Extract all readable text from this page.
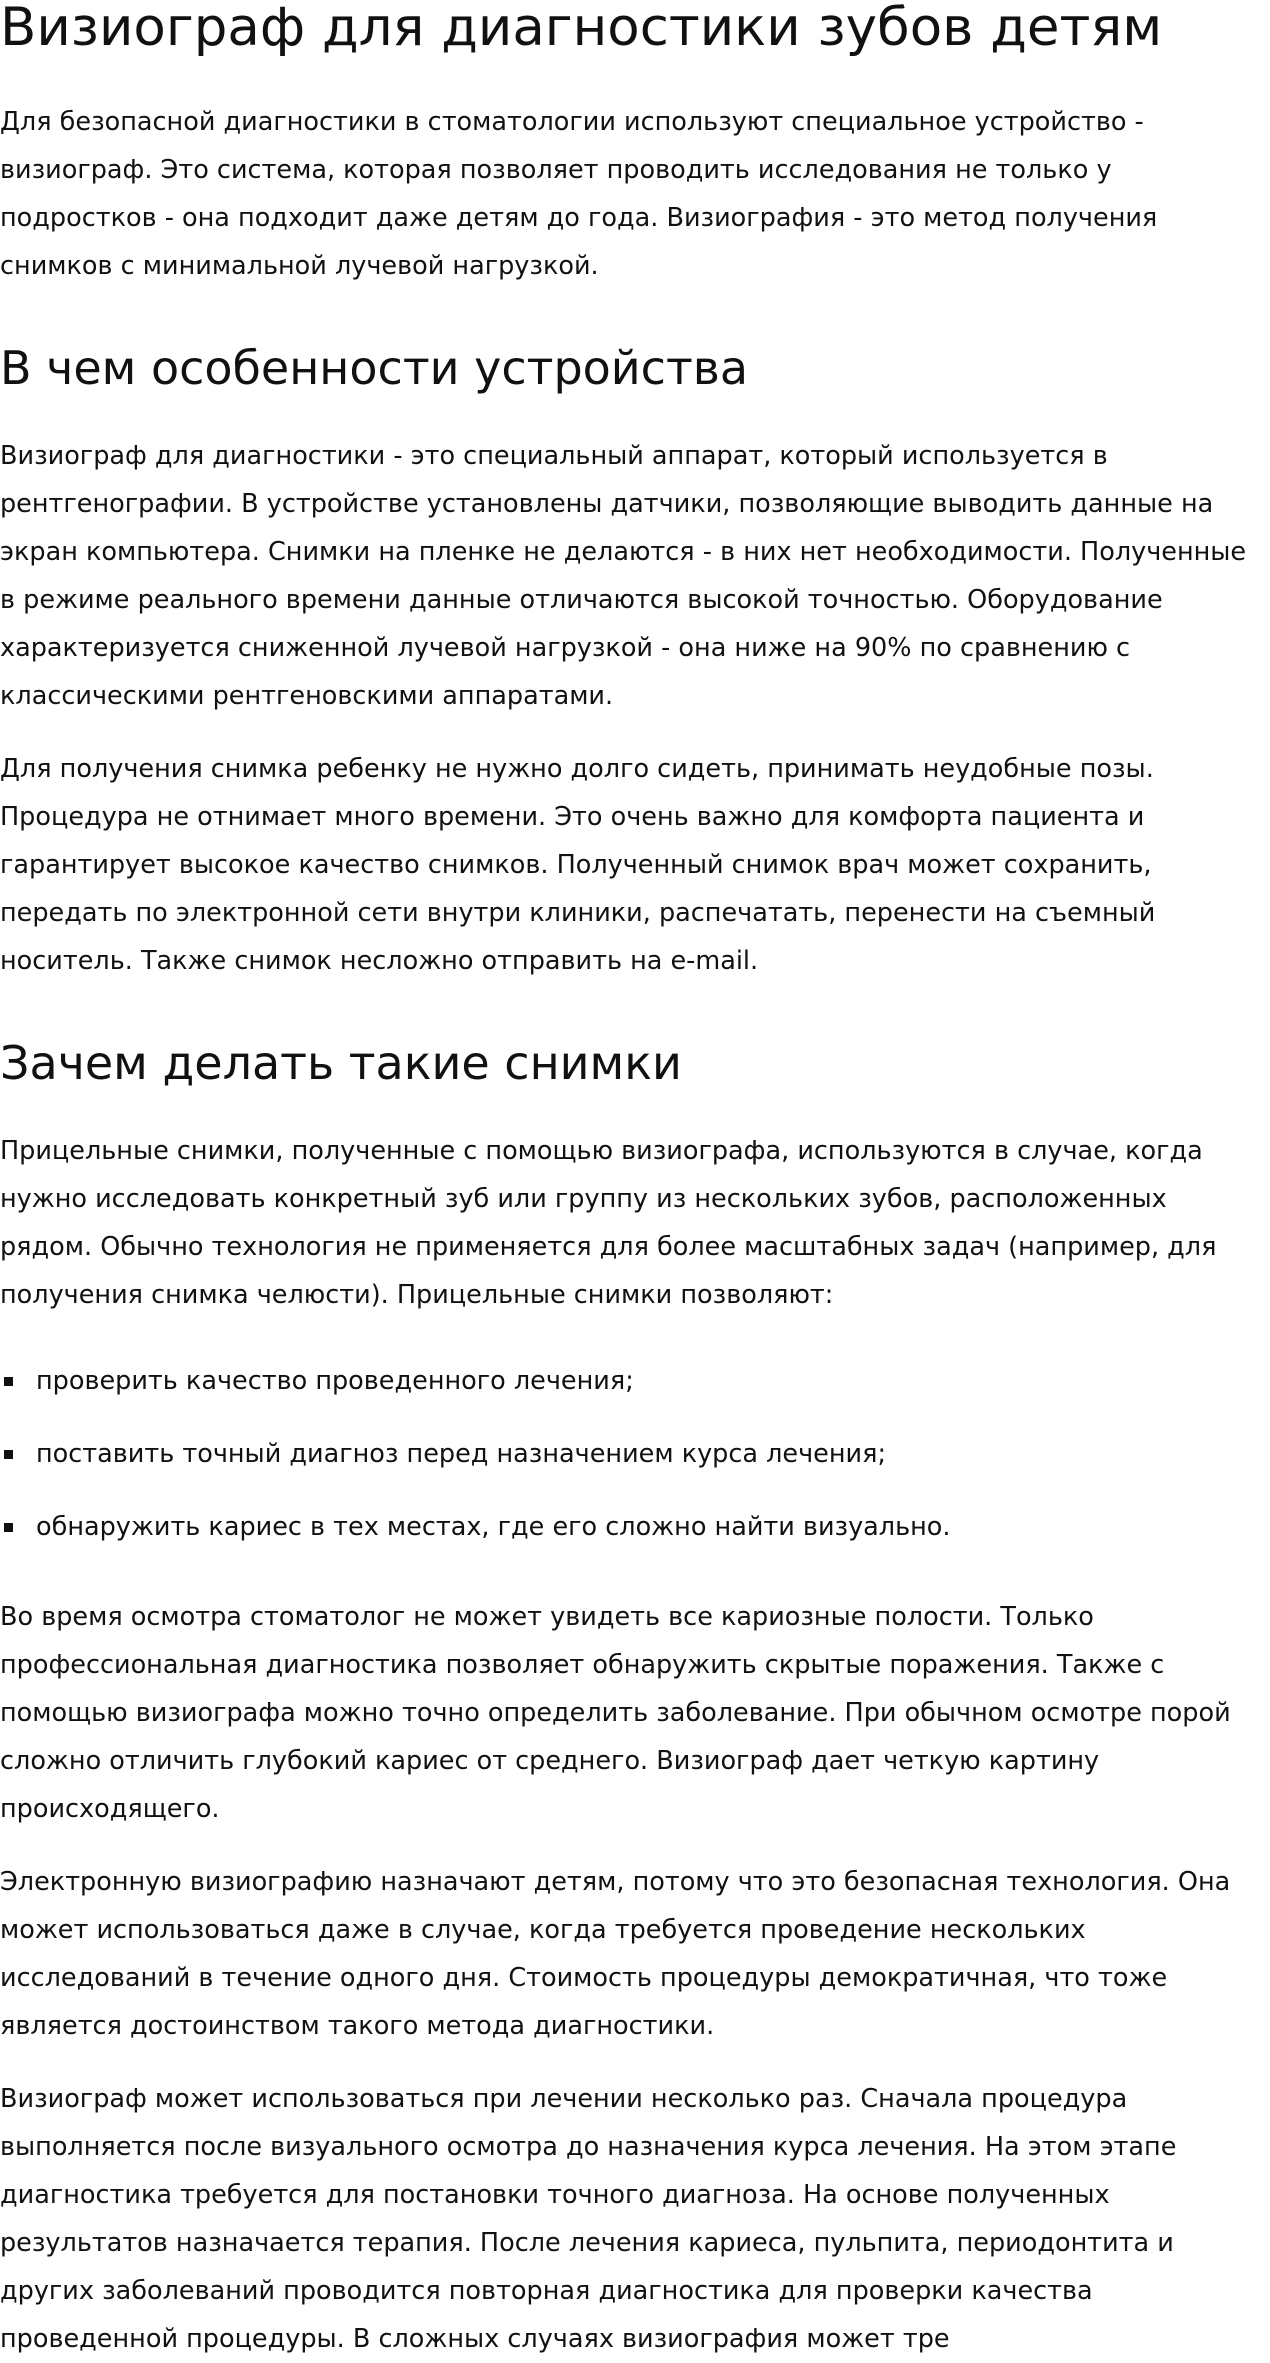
Визиограф для диагностики зубов детям

Для безопасной диагностики в стоматологии используют специальное устройство - визиограф. Это система, которая позволяет проводить исследования не только у подростков - она подходит даже детям до года. Визиография - это метод получения снимков с минимальной лучевой нагрузкой.

В чем особенности устройства

Визиограф для диагностики - это специальный аппарат, который используется в рентгенографии. В устройстве установлены датчики, позволяющие выводить данные на экран компьютера. Снимки на пленке не делаются - в них нет необходимости. Полученные в режиме реального времени данные отличаются высокой точностью. Оборудование характеризуется сниженной лучевой нагрузкой - она ниже на 90% по сравнению с классическими рентгеновскими аппаратами.

Для получения снимка ребенку не нужно долго сидеть, принимать неудобные позы. Процедура не отнимает много времени. Это очень важно для комфорта пациента и гарантирует высокое качество снимков. Полученный снимок врач может сохранить, передать по электронной сети внутри клиники, распечатать, перенести на съемный носитель. Также снимок несложно отправить на e-mail.

Зачем делать такие снимки

Прицельные снимки, полученные с помощью визиографа, используются в случае, когда нужно исследовать конкретный зуб или группу из нескольких зубов, расположенных рядом. Обычно технология не применяется для более масштабных задач (например, для получения снимка челюсти). Прицельные снимки позволяют:

проверить качество проведенного лечения;
поставить точный диагноз перед назначением курса лечения;
обнаружить кариес в тех местах, где его сложно найти визуально.

Во время осмотра стоматолог не может увидеть все кариозные полости. Только профессиональная диагностика позволяет обнаружить скрытые поражения. Также с помощью визиографа можно точно определить заболевание. При обычном осмотре порой сложно отличить глубокий кариес от среднего. Визиограф дает четкую картину происходящего.

Электронную визиографию назначают детям, потому что это безопасная технология. Она может использоваться даже в случае, когда требуется проведение нескольких исследований в течение одного дня. Стоимость процедуры демократичная, что тоже является достоинством такого метода диагностики.

Визиограф может использоваться при лечении несколько раз. Сначала процедура выполняется после визуального осмотра до назначения курса лечения. На этом этапе диагностика требуется для постановки точного диагноза. На основе полученных результатов назначается терапия. После лечения кариеса, пульпита, периодонтита и других заболеваний проводится повторная диагностика для проверки качества проведенной процедуры. В сложных случаях визиография может тре
